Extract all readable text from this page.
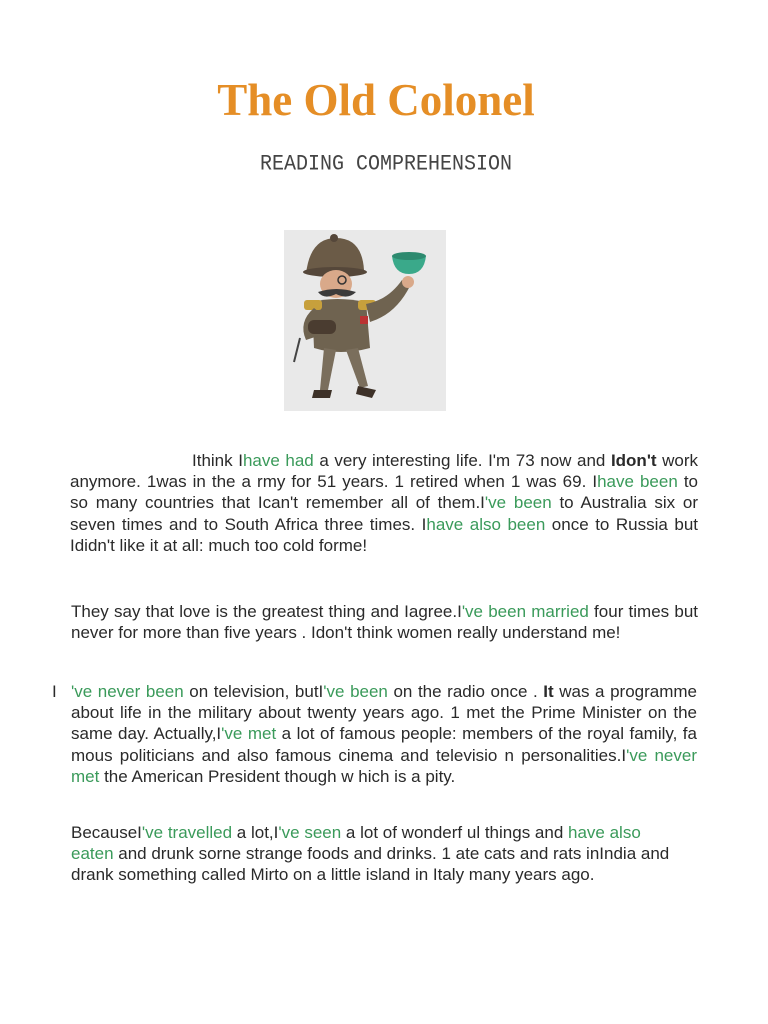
The Old Colonel
READING COMPREHENSION

Ithink Ihave had a very interesting life. I'm 73 now and Idon't work anymore. 1was in the a rmy for 51 years. 1 retired when 1 was 69. Ihave been to so many countries that Ican't remember all of them.I've been to Australia six or seven times and to South Africa three times. Ihave also been once to Russia but Ididn't like it at all: much too cold forme!

They say that love is the greatest thing and Iagree.I've been married four times but never for more than five years . Idon't think women really understand me!

I 've never been on television, butI've been on the radio once . It was a programme about life in the military about twenty years ago. 1 met the Prime Minister on the same day. Actually,I've met a lot of famous people: members of the royal family, fa mous politicians and also famous cinema and televisio n personalities.I've never met the American President though w hich is a pity.

BecauseI've travelled a lot,I've seen a lot of wonderf ul things and have also eaten and drunk sorne strange foods and drinks. 1 ate cats and rats inIndia and drank something called Mirto on a little island in Italy many years ago.
